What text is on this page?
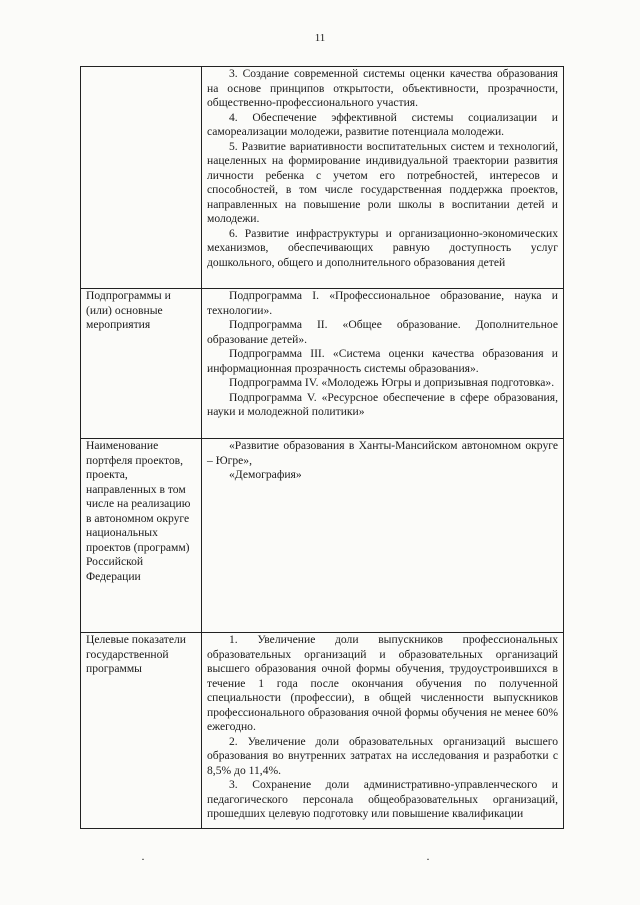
11

	3. Создание современной системы оценки качества образования на основе принципов открытости, объективности, прозрачности, общественно-профессионального участия.

4. Обеспечение эффективной системы социализации и самореализации молодежи, развитие потенциала молодежи.

5. Развитие вариативности воспитательных систем и технологий, нацеленных на формирование индивидуальной траектории развития личности ребенка с учетом его потребностей, интересов и способностей, в том числе государственная поддержка проектов, направленных на повышение роли школы в воспитании детей и молодежи.

6. Развитие инфраструктуры и организационно-экономических механизмов, обеспечивающих равную доступность услуг дошкольного, общего и дополнительного образования детей

Подпрограммы и (или) основные мероприятия	Подпрограмма I. «Профессиональное образование, наука и технологии».

Подпрограмма II. «Общее образование. Дополнительное образование детей».

Подпрограмма III. «Система оценки качества образования и информационная прозрачность системы образования».

Подпрограмма IV. «Молодежь Югры и допризывная подготовка».

Подпрограмма V. «Ресурсное обеспечение в сфере образования, науки и молодежной политики»

Наименование портфеля проектов, проекта, направленных в том числе на реализацию в автономном округе национальных проектов (программ) Российской Федерации	«Развитие образования в Ханты-Мансийском автономном округе – Югре»,

«Демография»

Целевые показатели государственной программы	1. Увеличение доли выпускников профессиональных образовательных организаций и образовательных организаций высшего образования очной формы обучения, трудоустроившихся в течение 1 года после окончания обучения по полученной специальности (профессии), в общей численности выпускников профессионального образования очной формы обучения не менее 60% ежегодно.

2. Увеличение доли образовательных организаций высшего образования во внутренних затратах на исследования и разработки с 8,5% до 11,4%.

3. Сохранение доли административно-управленческого и педагогического персонала общеобразовательных организаций, прошедших целевую подготовку или повышение квалификации

·	·
